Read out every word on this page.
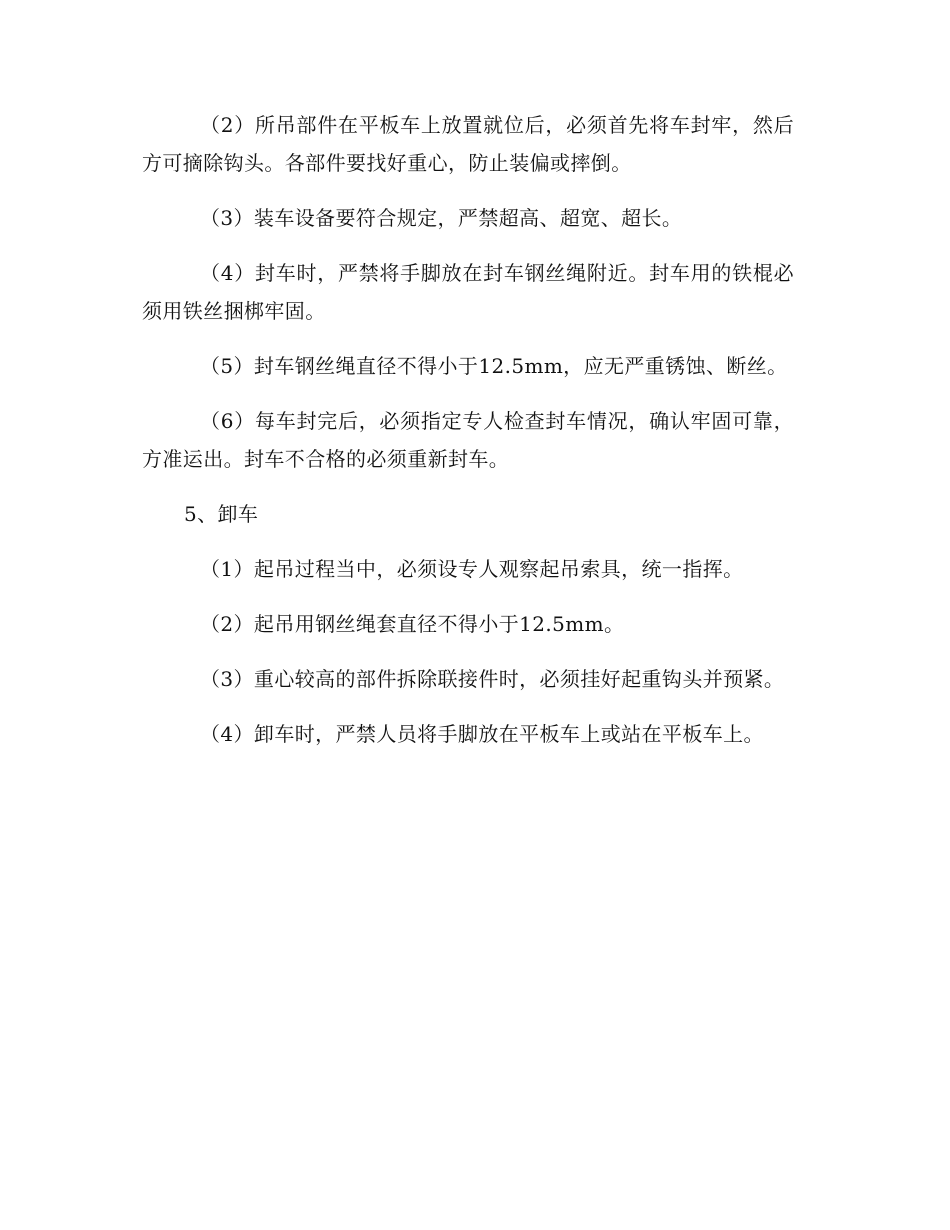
（2）所吊部件在平板车上放置就位后，必须首先将车封牢，然后方可摘除钩头。各部件要找好重心，防止装偏或摔倒。

（3）装车设备要符合规定，严禁超高、超宽、超长。

（4）封车时，严禁将手脚放在封车钢丝绳附近。封车用的铁棍必须用铁丝捆梆牢固。

（5）封车钢丝绳直径不得小于12.5mm，应无严重锈蚀、断丝。

（6）每车封完后，必须指定专人检查封车情况，确认牢固可靠，方准运出。封车不合格的必须重新封车。

5、卸车

（1）起吊过程当中，必须设专人观察起吊索具，统一指挥。

（2）起吊用钢丝绳套直径不得小于12.5mm。

（3）重心较高的部件拆除联接件时，必须挂好起重钩头并预紧。

（4）卸车时，严禁人员将手脚放在平板车上或站在平板车上。
